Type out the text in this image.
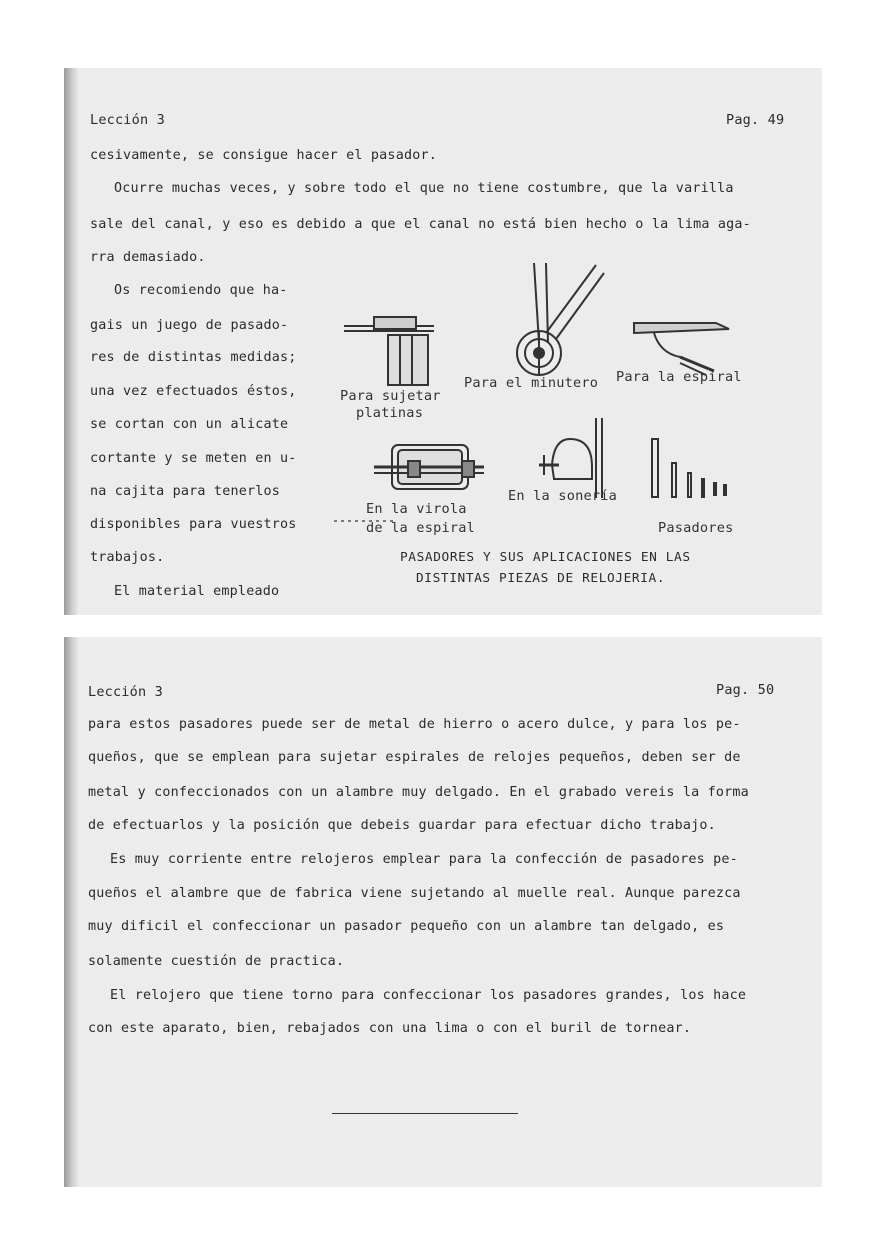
Lección 3	Pag. 49
cesivamente, se consigue hacer el pasador.
Ocurre muchas veces, y sobre todo el que no tiene costumbre, que la varilla
sale del canal, y eso es debido a que el canal no está bien hecho o la lima aga-
rra demasiado.
Os recomiendo que ha-
gais un juego de pasado-
res de distintas medidas;
una vez efectuados éstos,
se cortan con un alicate
cortante y se meten en u-
na cajita para tenerlos
disponibles para vuestros
trabajos.
El material empleado
Para sujetar
platinas
Para el minutero Para la espiral
En la virola
de la espiral
En la sonería
Pasadores
PASADORES Y SUS APLICACIONES EN LAS
DISTINTAS PIEZAS DE RELOJERIA.
Lección 3	Pag. 50
para estos pasadores puede ser de metal de hierro o acero dulce, y para los pe-
queños, que se emplean para sujetar espirales de relojes pequeños, deben ser de
metal y confeccionados con un alambre muy delgado. En el grabado vereis la forma
de efectuarlos y la posición que debeis guardar para efectuar dicho trabajo.
Es muy corriente entre relojeros emplear para la confección de pasadores pe-
queños el alambre que de fabrica viene sujetando al muelle real. Aunque parezca
muy dificil el confeccionar un pasador pequeño con un alambre tan delgado, es
solamente cuestión de practica.
El relojero que tiene torno para confeccionar los pasadores grandes, los hace
con este aparato, bien, rebajados con una lima o con el buril de tornear.
